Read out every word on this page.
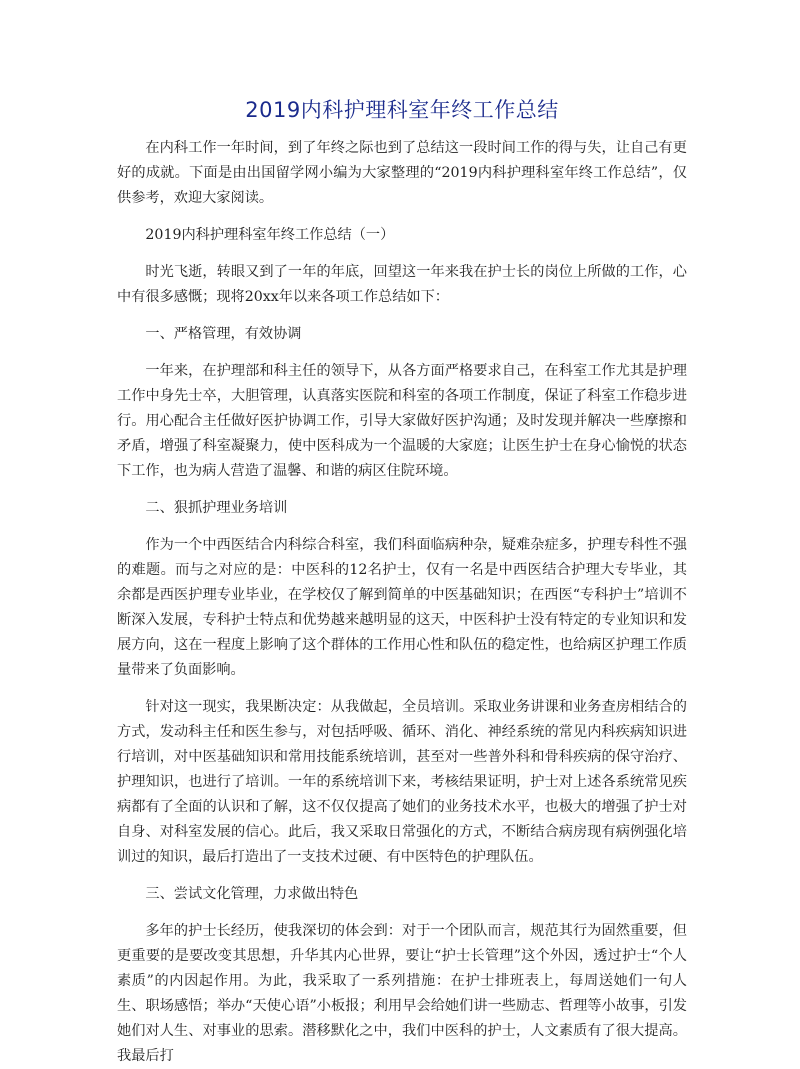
2019内科护理科室年终工作总结

在内科工作一年时间，到了年终之际也到了总结这一段时间工作的得与失，让自己有更好的成就。下面是由出国留学网小编为大家整理的“2019内科护理科室年终工作总结”，仅供参考，欢迎大家阅读。

2019内科护理科室年终工作总结（一）

时光飞逝，转眼又到了一年的年底，回望这一年来我在护士长的岗位上所做的工作，心中有很多感慨；现将20xx年以来各项工作总结如下：

一、严格管理，有效协调

一年来，在护理部和科主任的领导下，从各方面严格要求自己，在科室工作尤其是护理工作中身先士卒，大胆管理，认真落实医院和科室的各项工作制度，保证了科室工作稳步进行。用心配合主任做好医护协调工作，引导大家做好医护沟通；及时发现并解决一些摩擦和矛盾，增强了科室凝聚力，使中医科成为一个温暖的大家庭；让医生护士在身心愉悦的状态下工作，也为病人营造了温馨、和谐的病区住院环境。

二、狠抓护理业务培训

作为一个中西医结合内科综合科室，我们科面临病种杂，疑难杂症多，护理专科性不强的难题。而与之对应的是：中医科的12名护士，仅有一名是中西医结合护理大专毕业，其余都是西医护理专业毕业，在学校仅了解到简单的中医基础知识；在西医“专科护士”培训不断深入发展，专科护士特点和优势越来越明显的这天，中医科护士没有特定的专业知识和发展方向，这在一程度上影响了这个群体的工作用心性和队伍的稳定性，也给病区护理工作质量带来了负面影响。

针对这一现实，我果断决定：从我做起，全员培训。采取业务讲课和业务查房相结合的方式，发动科主任和医生参与，对包括呼吸、循环、消化、神经系统的常见内科疾病知识进行培训，对中医基础知识和常用技能系统培训，甚至对一些普外科和骨科疾病的保守治疗、护理知识，也进行了培训。一年的系统培训下来，考核结果证明，护士对上述各系统常见疾病都有了全面的认识和了解，这不仅仅提高了她们的业务技术水平，也极大的增强了护士对自身、对科室发展的信心。此后，我又采取日常强化的方式，不断结合病房现有病例强化培训过的知识，最后打造出了一支技术过硬、有中医特色的护理队伍。

三、尝试文化管理，力求做出特色

多年的护士长经历，使我深切的体会到：对于一个团队而言，规范其行为固然重要，但更重要的是要改变其思想，升华其内心世界，要让“护士长管理”这个外因，透过护士“个人素质”的内因起作用。为此，我采取了一系列措施：在护士排班表上，每周送她们一句人生、职场感悟；举办“天使心语”小板报；利用早会给她们讲一些励志、哲理等小故事，引发她们对人生、对事业的思索。潜移默化之中，我们中医科的护士，人文素质有了很大提高。我最后打
